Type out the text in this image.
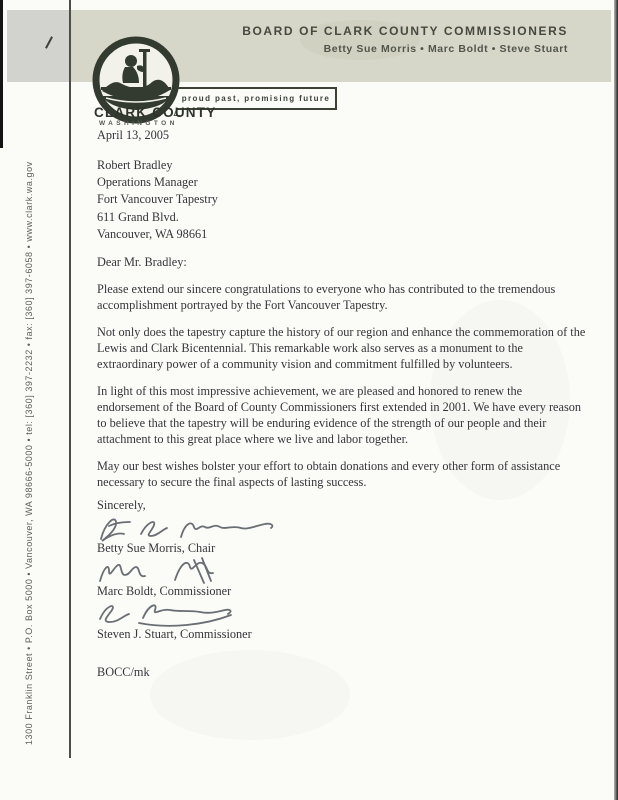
BOARD OF CLARK COUNTY COMMISSIONERS
Betty Sue Morris • Marc Boldt • Steve Stuart
proud past, promising future
CLARK COUNTY
WASHINGTON
1300 Franklin Street • P.O. Box 5000 • Vancouver, WA 98666-5000 • tel: [360] 397-2232 • fax: [360] 397-6058 • www.clark.wa.gov
April 13, 2005
Robert Bradley
Operations Manager
Fort Vancouver Tapestry
611 Grand Blvd.
Vancouver, WA 98661
Dear Mr. Bradley:
Please extend our sincere congratulations to everyone who has contributed to the tremendous accomplishment portrayed by the Fort Vancouver Tapestry.
Not only does the tapestry capture the history of our region and enhance the commemoration of the Lewis and Clark Bicentennial. This remarkable work also serves as a monument to the extraordinary power of a community vision and commitment fulfilled by volunteers.
In light of this most impressive achievement, we are pleased and honored to renew the endorsement of the Board of County Commissioners first extended in 2001. We have every reason to believe that the tapestry will be enduring evidence of the strength of our people and their attachment to this great place where we live and labor together.
May our best wishes bolster your effort to obtain donations and every other form of assistance necessary to secure the final aspects of lasting success.
Sincerely,
Betty Sue Morris, Chair
Marc Boldt, Commissioner
Steven J. Stuart, Commissioner
BOCC/mk
